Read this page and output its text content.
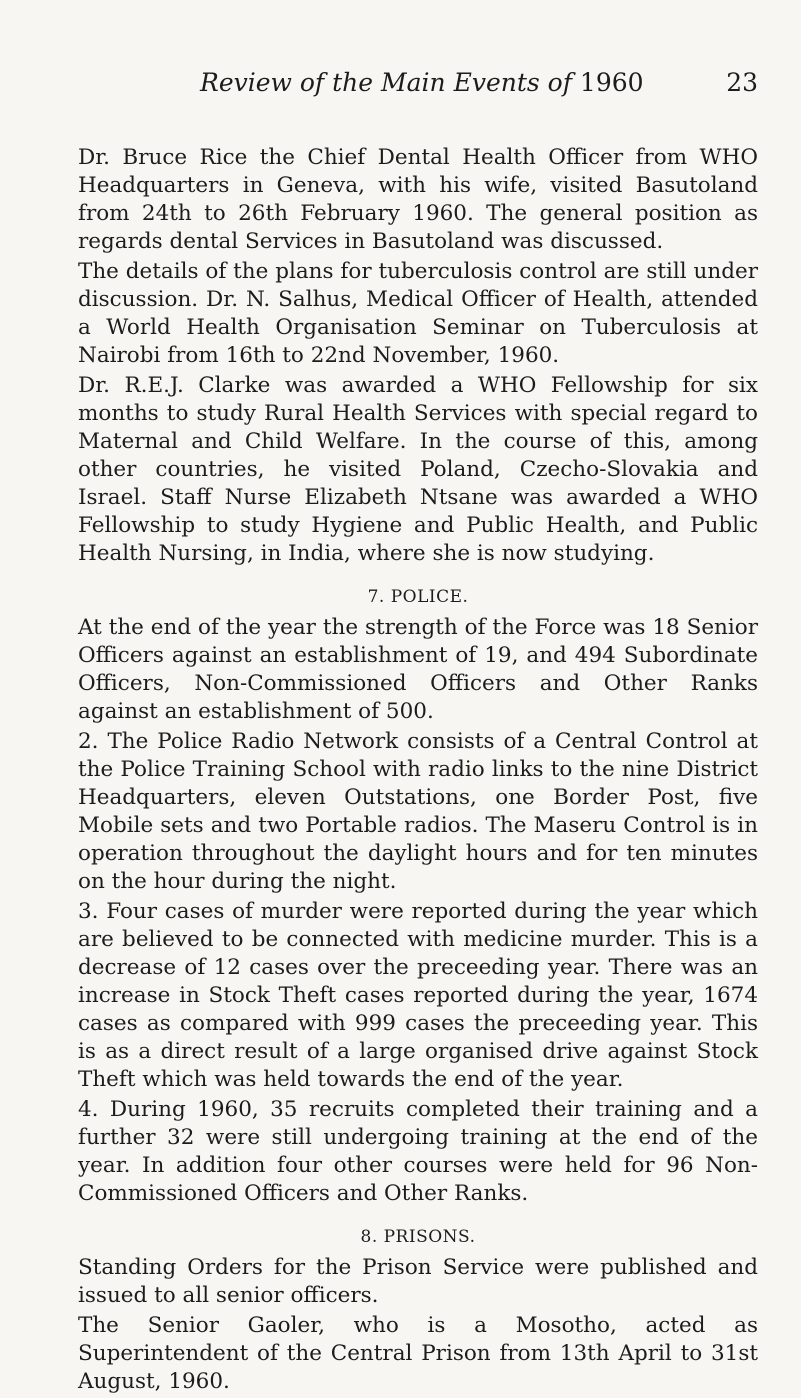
Review of the Main Events of 1960	23

Dr. Bruce Rice the Chief Dental Health Officer from WHO Headquarters in Geneva, with his wife, visited Basutoland from 24th to 26th February 1960. The general position as regards dental Services in Basutoland was discussed.

The details of the plans for tuberculosis control are still under discussion. Dr. N. Salhus, Medical Officer of Health, attended a World Health Organisation Seminar on Tuberculosis at Nairobi from 16th to 22nd November, 1960.

Dr. R.E.J. Clarke was awarded a WHO Fellowship for six months to study Rural Health Services with special regard to Maternal and Child Welfare. In the course of this, among other countries, he visited Poland, Czecho-Slovakia and Israel. Staff Nurse Elizabeth Ntsane was awarded a WHO Fellowship to study Hygiene and Public Health, and Public Health Nursing, in India, where she is now studying.

7. POLICE.

At the end of the year the strength of the Force was 18 Senior Officers against an establishment of 19, and 494 Subordinate Officers, Non-Commissioned Officers and Other Ranks against an establishment of 500.

2. The Police Radio Network consists of a Central Control at the Police Training School with radio links to the nine District Headquarters, eleven Outstations, one Border Post, five Mobile sets and two Portable radios. The Maseru Control is in operation throughout the daylight hours and for ten minutes on the hour during the night.

3. Four cases of murder were reported during the year which are believed to be connected with medicine murder. This is a decrease of 12 cases over the preceeding year. There was an increase in Stock Theft cases reported during the year, 1674 cases as compared with 999 cases the preceeding year. This is as a direct result of a large organised drive against Stock Theft which was held towards the end of the year.

4. During 1960, 35 recruits completed their training and a further 32 were still undergoing training at the end of the year. In addition four other courses were held for 96 Non-Commissioned Officers and Other Ranks.

8. PRISONS.

Standing Orders for the Prison Service were published and issued to all senior officers.

The Senior Gaoler, who is a Mosotho, acted as Superintendent of the Central Prison from 13th April to 31st August, 1960.
